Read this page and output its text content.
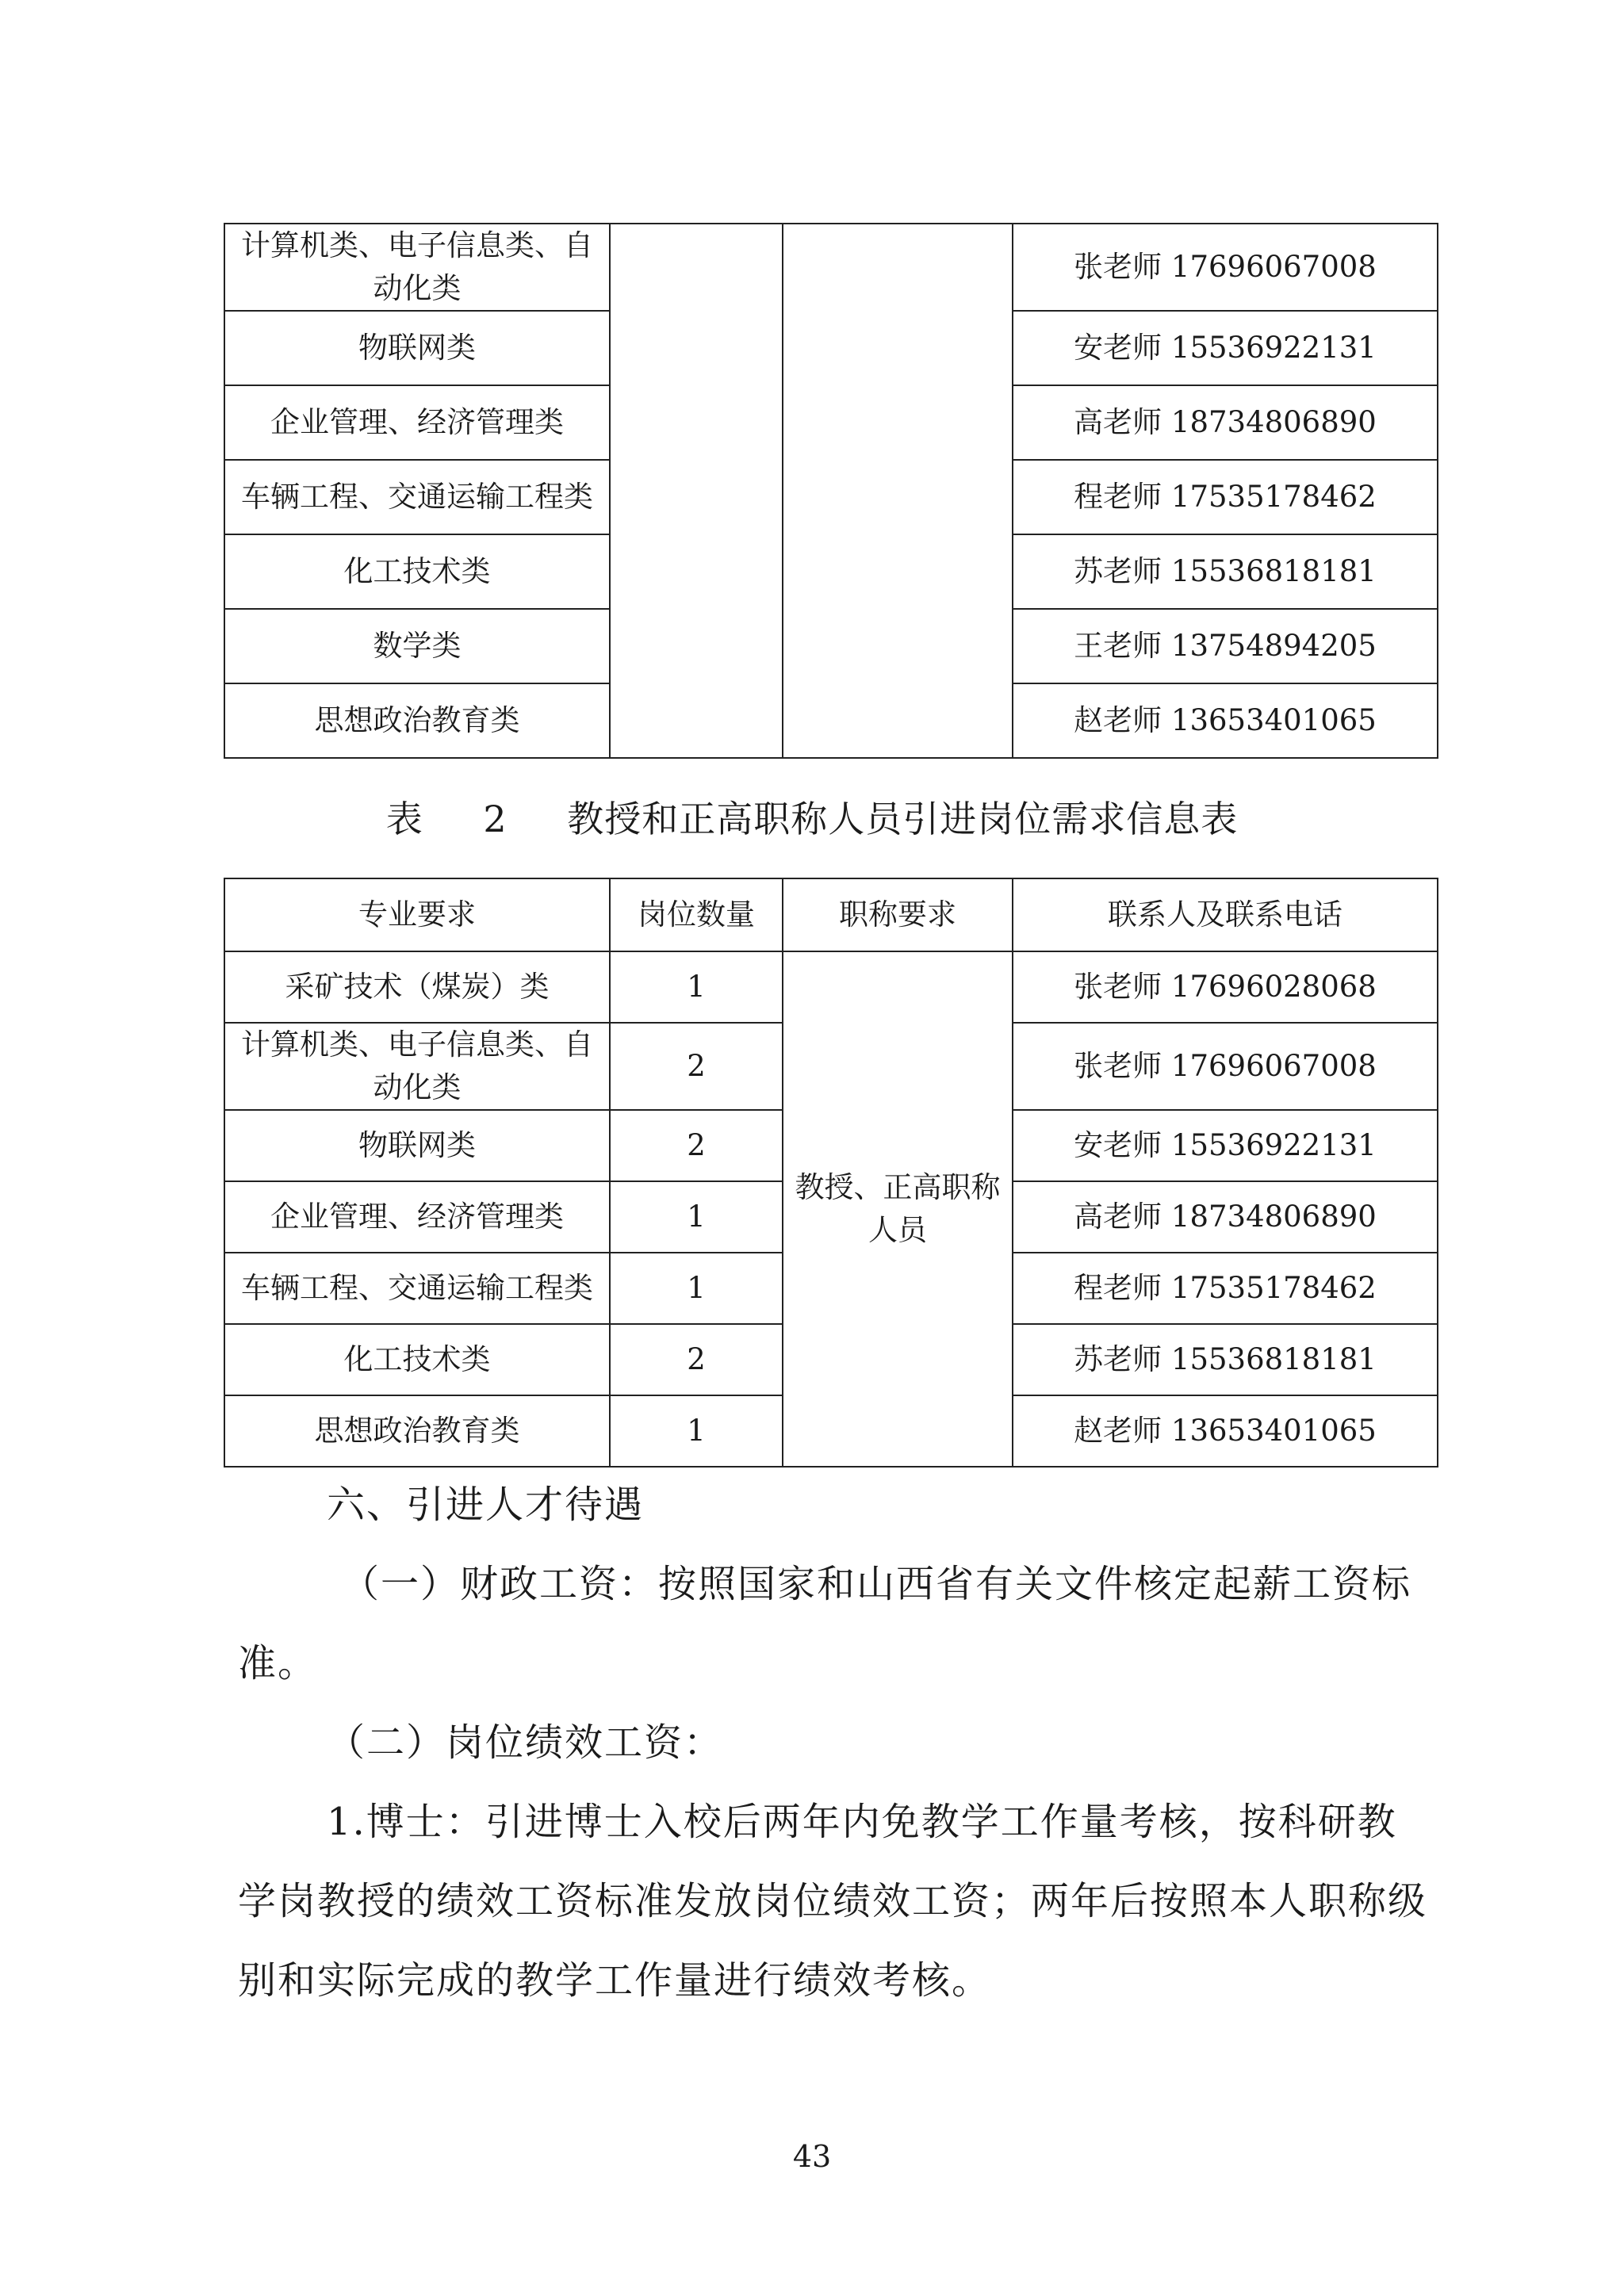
计算机类、电子信息类、自动化类			张老师 17696067008
物联网类			安老师 15536922131
企业管理、经济管理类			高老师 18734806890
车辆工程、交通运输工程类			程老师 17535178462
化工技术类			苏老师 15536818181
数学类			王老师 13754894205
思想政治教育类			赵老师 13653401065
表 2 教授和正高职称人员引进岗位需求信息表
专业要求	岗位数量	职称要求	联系人及联系电话
采矿技术（煤炭）类	1	教授、正高职称人员	张老师 17696028068
计算机类、电子信息类、自动化类	2		张老师 17696067008
物联网类	2		安老师 15536922131
企业管理、经济管理类	1		高老师 18734806890
车辆工程、交通运输工程类	1		程老师 17535178462
化工技术类	2		苏老师 15536818181
思想政治教育类	1		赵老师 13653401065

六、引进人才待遇

（一）财政工资：按照国家和山西省有关文件核定起薪工资标准。

（二）岗位绩效工资：

1.博士：引进博士入校后两年内免教学工作量考核，按科研教学岗教授的绩效工资标准发放岗位绩效工资；两年后按照本人职称级别和实际完成的教学工作量进行绩效考核。

43
